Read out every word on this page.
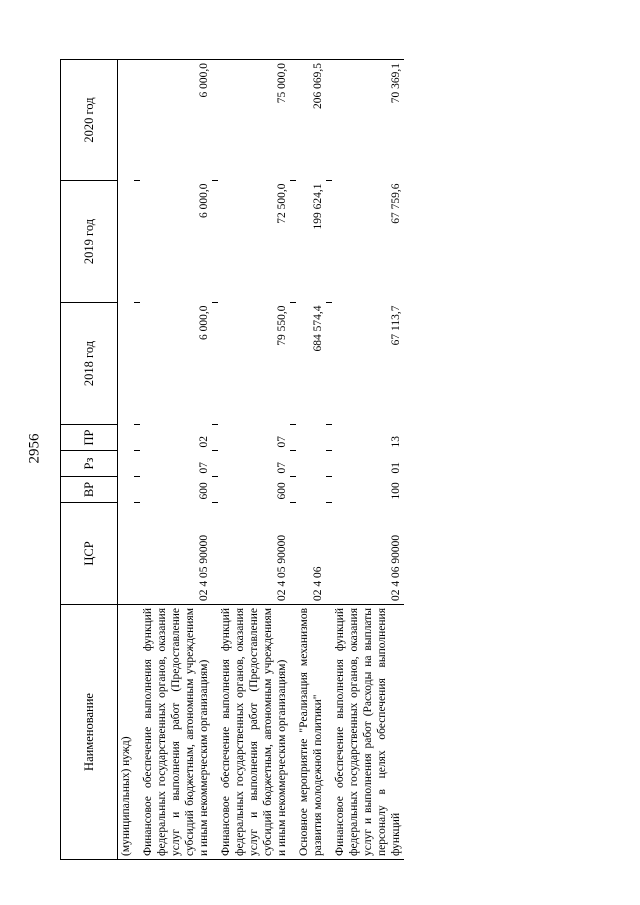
2956
Наименование	ЦСР	ВР	Рз	ПР	2018 год	2019 год	2020 год
(муниципальных) нужд)							

Финансовое обеспечение выполнения функций федеральных государственных органов, оказания услуг и выполнения работ (Предоставление субсидий бюджетным, автономным учреждениям и иным некоммерческим организациям)	02 4 05 90000	600	07	02	6 000,0	6 000,0	6 000,0

Финансовое обеспечение выполнения функций федеральных государственных органов, оказания услуг и выполнения работ (Предоставление субсидий бюджетным, автономным учреждениям и иным некоммерческим организациям)	02 4 05 90000	600	07	07	79 550,0	72 500,0	75 000,0

Основное мероприятие "Реализация механизмов развития молодежной политики"	02 4 06				684 574,4	199 624,1	206 069,5

Финансовое обеспечение выполнения функций федеральных государственных органов, оказания услуг и выполнения работ (Расходы на выплаты персоналу в целях обеспечения выполнения функций	02 4 06 90000	100	01	13	67 113,7	67 759,6	70 369,1
